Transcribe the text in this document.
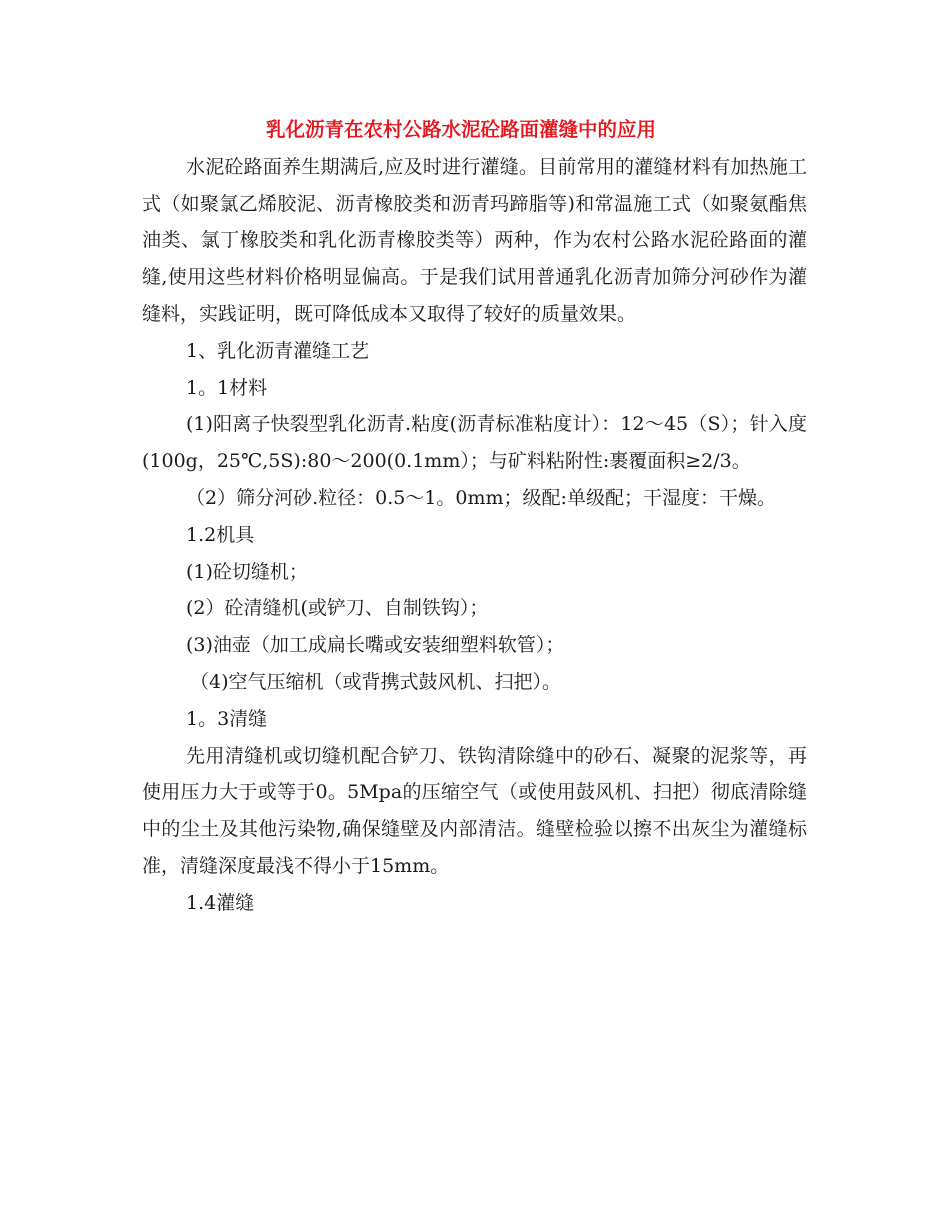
乳化沥青在农村公路水泥砼路面灌缝中的应用

水泥砼路面养生期满后,应及时进行灌缝。目前常用的灌缝材料有加热施工式（如聚氯乙烯胶泥、沥青橡胶类和沥青玛蹄脂等)和常温施工式（如聚氨酯焦油类、氯丁橡胶类和乳化沥青橡胶类等）两种，作为农村公路水泥砼路面的灌缝,使用这些材料价格明显偏高。于是我们试用普通乳化沥青加筛分河砂作为灌缝料，实践证明，既可降低成本又取得了较好的质量效果。

1、乳化沥青灌缝工艺

1。1材料

(1)阳离子快裂型乳化沥青.粘度(沥青标准粘度计）：12～45（S）；针入度(100g，25℃,5S):80～200(0.1mm）；与矿料粘附性:裹覆面积≥2/3。

（2）筛分河砂.粒径：0.5～1。0mm；级配:单级配；干湿度：干燥。

1.2机具

(1)砼切缝机；

(2）砼清缝机(或铲刀、自制铁钩）；

(3)油壶（加工成扁长嘴或安装细塑料软管）；

（4)空气压缩机（或背携式鼓风机、扫把）。

1。3清缝

先用清缝机或切缝机配合铲刀、铁钩清除缝中的砂石、凝聚的泥浆等，再使用压力大于或等于0。5Mpa的压缩空气（或使用鼓风机、扫把）彻底清除缝中的尘土及其他污染物,确保缝壁及内部清洁。缝壁检验以擦不出灰尘为灌缝标准，清缝深度最浅不得小于15mm。

1.4灌缝
